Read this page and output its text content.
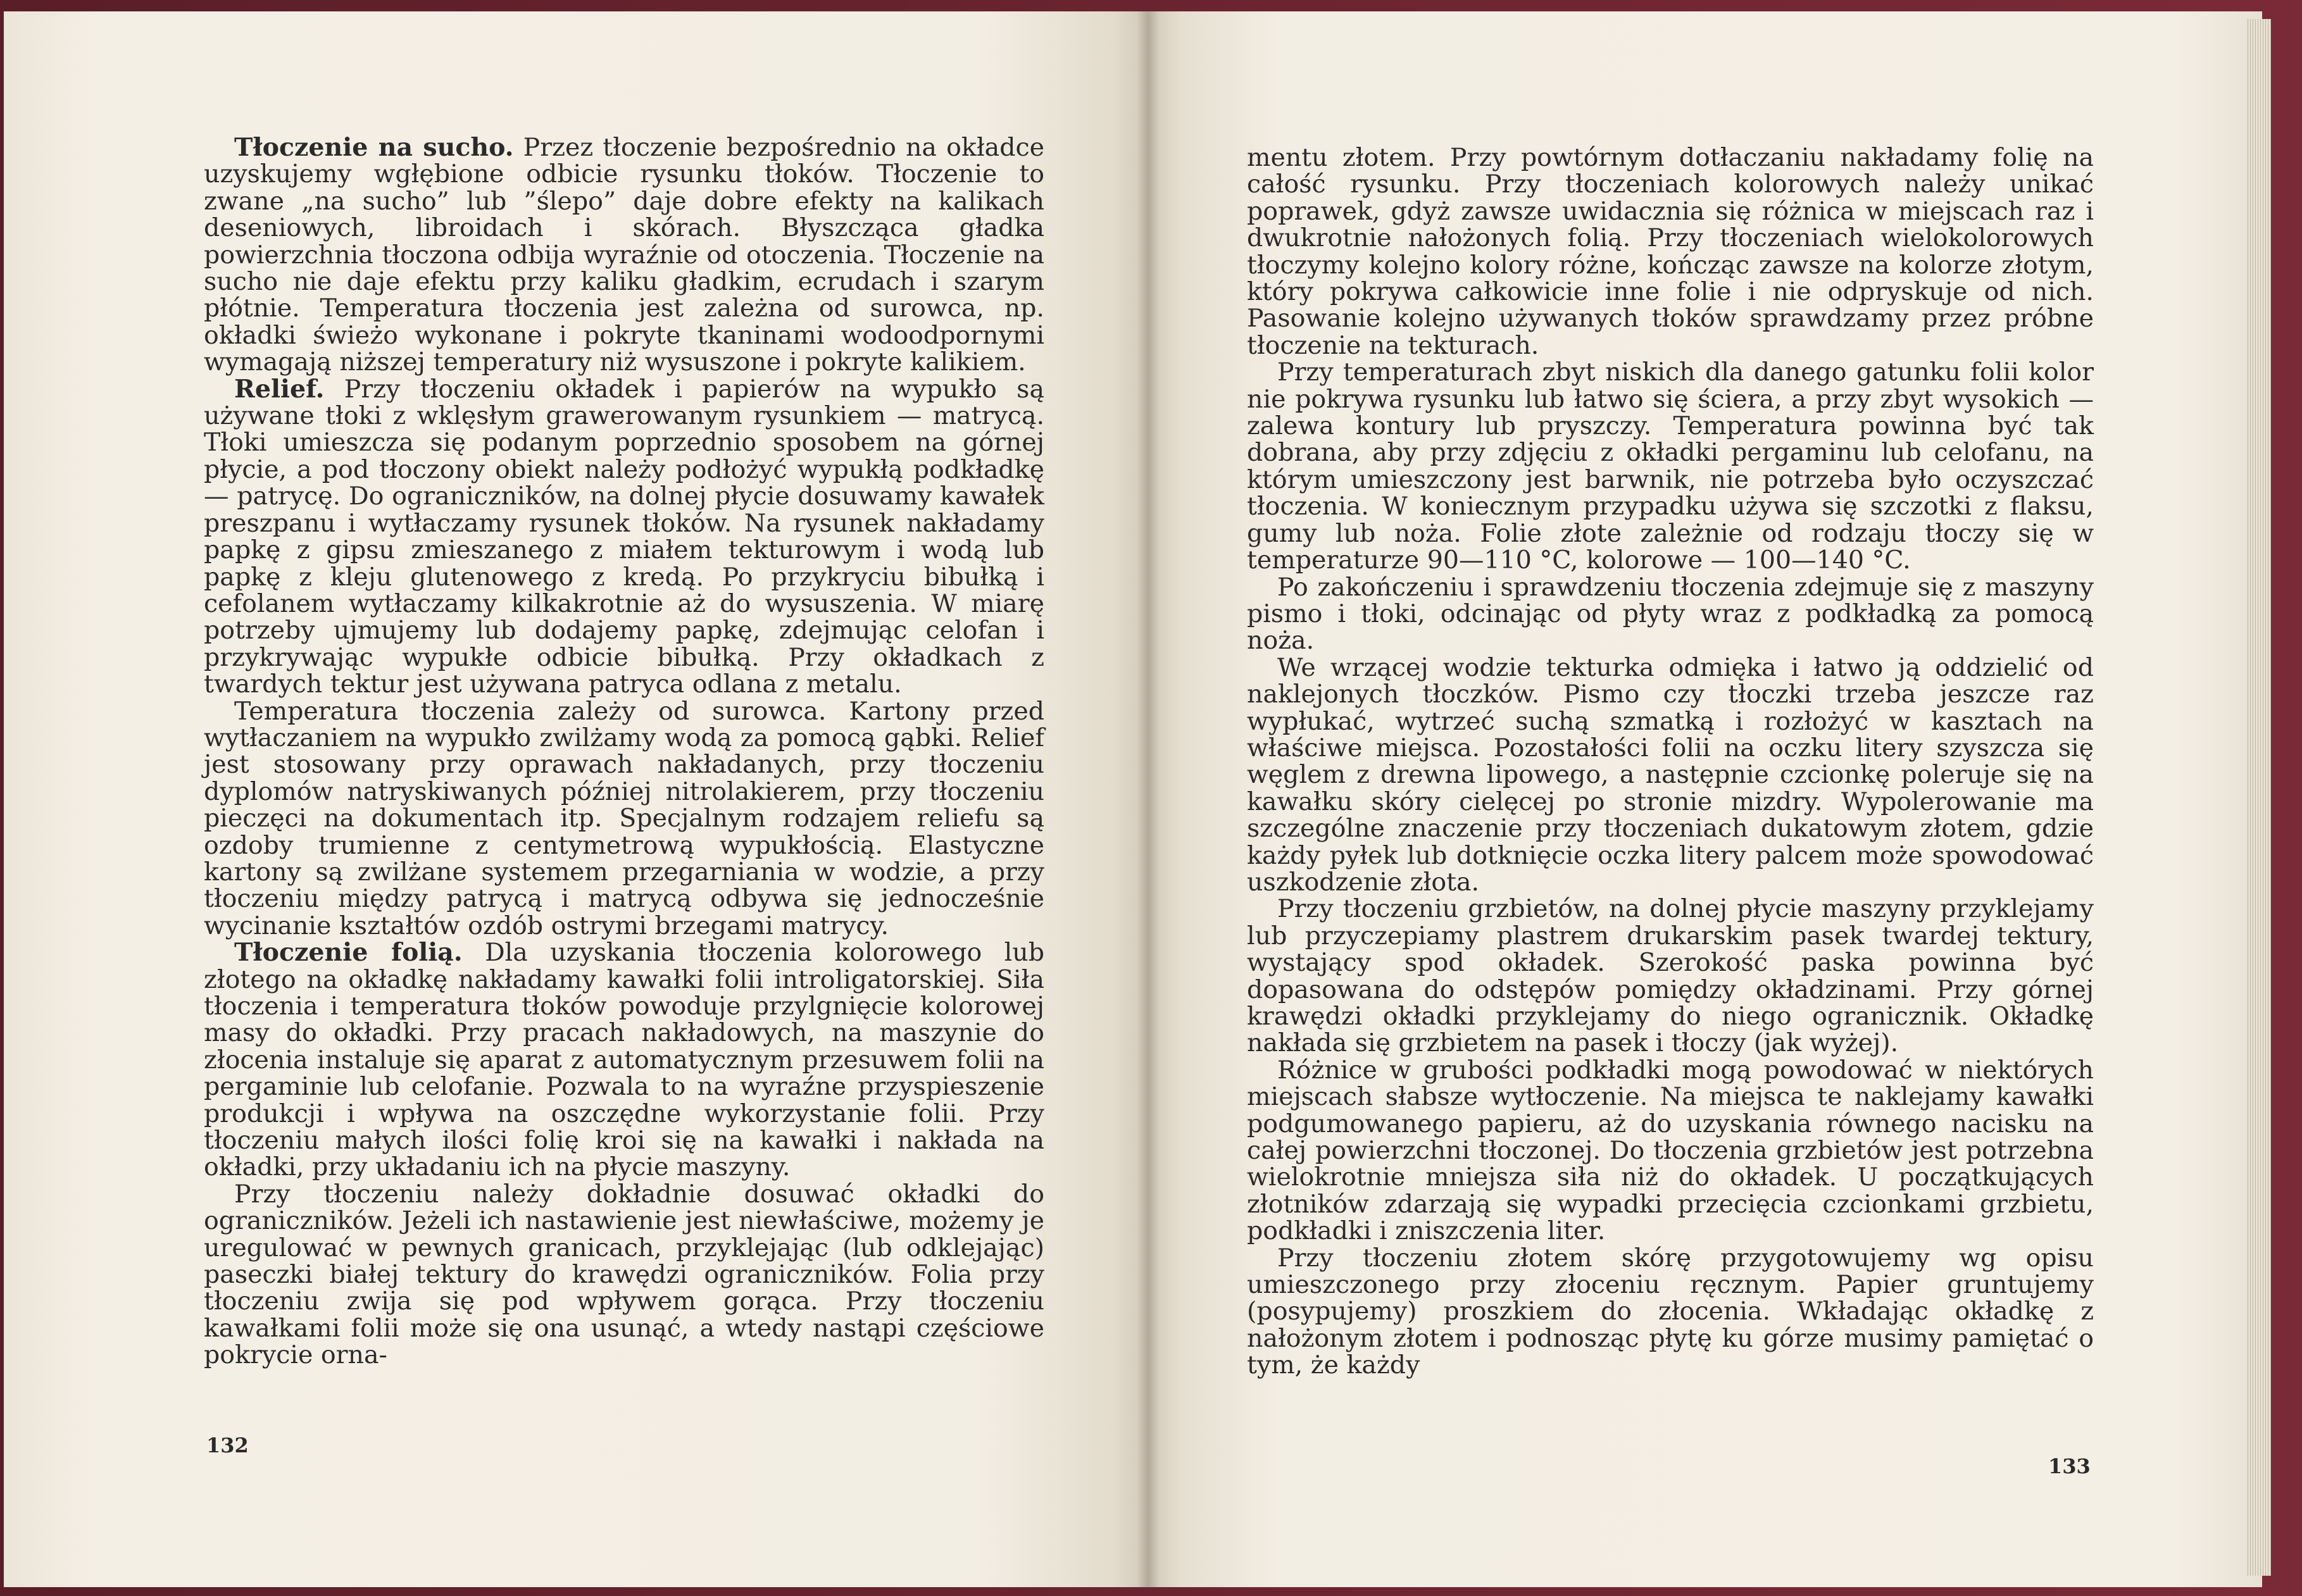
Tłoczenie na sucho. Przez tłoczenie bezpośrednio na okładce uzyskujemy wgłębione odbicie rysunku tłoków. Tłoczenie to zwane „na sucho” lub ”ślepo” daje dobre efekty na kalikach deseniowych, libroidach i skórach. Błyszcząca gładka powierzchnia tłoczona odbija wyraźnie od otoczenia. Tłoczenie na sucho nie daje efektu przy kaliku gładkim, ecrudach i szarym płótnie. Temperatura tłoczenia jest zależna od surowca, np. okładki świeżo wykonane i pokryte tkaninami wodoodpornymi wymagają niższej temperatury niż wysuszone i pokryte kalikiem.

Relief. Przy tłoczeniu okładek i papierów na wypukło są używane tłoki z wklęsłym grawerowanym rysunkiem — matrycą. Tłoki umieszcza się podanym poprzednio sposobem na górnej płycie, a pod tłoczony obiekt należy podłożyć wypukłą podkładkę — patrycę. Do ograniczników, na dolnej płycie dosuwamy kawałek preszpanu i wytłaczamy rysunek tłoków. Na rysunek nakładamy papkę z gipsu zmieszanego z miałem tekturowym i wodą lub papkę z kleju glutenowego z kredą. Po przykryciu bibułką i cefolanem wytłaczamy kilkakrotnie aż do wysuszenia. W miarę potrzeby ujmujemy lub dodajemy papkę, zdejmując celofan i przykrywając wypukłe odbicie bibułką. Przy okładkach z twardych tektur jest używana patryca odlana z metalu.

Temperatura tłoczenia zależy od surowca. Kartony przed wytłaczaniem na wypukło zwilżamy wodą za pomocą gąbki. Relief jest stosowany przy oprawach nakładanych, przy tłoczeniu dyplomów natryskiwanych później nitrolakierem, przy tłoczeniu pieczęci na dokumentach itp. Specjalnym rodzajem reliefu są ozdoby trumienne z centymetrową wypukłością. Elastyczne kartony są zwilżane systemem przegarniania w wodzie, a przy tłoczeniu między patrycą i matrycą odbywa się jednocześnie wycinanie kształtów ozdób ostrymi brzegami matrycy.

Tłoczenie folią. Dla uzyskania tłoczenia kolorowego lub złotego na okładkę nakładamy kawałki folii introligatorskiej. Siła tłoczenia i temperatura tłoków powoduje przylgnięcie kolorowej masy do okładki. Przy pracach nakładowych, na maszynie do złocenia instaluje się aparat z automatycznym przesuwem folii na pergaminie lub celofanie. Pozwala to na wyraźne przyspieszenie produkcji i wpływa na oszczędne wykorzystanie folii. Przy tłoczeniu małych ilości folię kroi się na kawałki i nakłada na okładki, przy układaniu ich na płycie maszyny.

Przy tłoczeniu należy dokładnie dosuwać okładki do ograniczników. Jeżeli ich nastawienie jest niewłaściwe, możemy je uregulować w pewnych granicach, przyklejając (lub odklejając) paseczki białej tektury do krawędzi ograniczników. Folia przy tłoczeniu zwija się pod wpływem gorąca. Przy tłoczeniu kawałkami folii może się ona usunąć, a wtedy nastąpi częściowe pokrycie orna-

132

mentu złotem. Przy powtórnym dotłaczaniu nakładamy folię na całość rysunku. Przy tłoczeniach kolorowych należy unikać poprawek, gdyż zawsze uwidacznia się różnica w miejscach raz i dwukrotnie nałożonych folią. Przy tłoczeniach wielokolorowych tłoczymy kolejno kolory różne, kończąc zawsze na kolorze złotym, który pokrywa całkowicie inne folie i nie odpryskuje od nich. Pasowanie kolejno używanych tłoków sprawdzamy przez próbne tłoczenie na tekturach.

Przy temperaturach zbyt niskich dla danego gatunku folii kolor nie pokrywa rysunku lub łatwo się ściera, a przy zbyt wysokich — zalewa kontury lub pryszczy. Temperatura powinna być tak dobrana, aby przy zdjęciu z okładki pergaminu lub celofanu, na którym umieszczony jest barwnik, nie potrzeba było oczyszczać tłoczenia. W koniecznym przypadku używa się szczotki z flaksu, gumy lub noża. Folie złote zależnie od rodzaju tłoczy się w temperaturze 90—110 °C, kolorowe — 100—140 °C.

Po zakończeniu i sprawdzeniu tłoczenia zdejmuje się z maszyny pismo i tłoki, odcinając od płyty wraz z podkładką za pomocą noża.

We wrzącej wodzie tekturka odmięka i łatwo ją oddzielić od naklejonych tłoczków. Pismo czy tłoczki trzeba jeszcze raz wypłukać, wytrzeć suchą szmatką i rozłożyć w kasztach na właściwe miejsca. Pozostałości folii na oczku litery szyszcza się węglem z drewna lipowego, a następnie czcionkę poleruje się na kawałku skóry cielęcej po stronie mizdry. Wypolerowanie ma szczególne znaczenie przy tłoczeniach dukatowym złotem, gdzie każdy pyłek lub dotknięcie oczka litery palcem może spowodować uszkodzenie złota.

Przy tłoczeniu grzbietów, na dolnej płycie maszyny przyklejamy lub przyczepiamy plastrem drukarskim pasek twardej tektury, wystający spod okładek. Szerokość paska powinna być dopasowana do odstępów pomiędzy okładzinami. Przy górnej krawędzi okładki przyklejamy do niego ogranicznik. Okładkę nakłada się grzbietem na pasek i tłoczy (jak wyżej).

Różnice w grubości podkładki mogą powodować w niektórych miejscach słabsze wytłoczenie. Na miejsca te naklejamy kawałki podgumowanego papieru, aż do uzyskania równego nacisku na całej powierzchni tłoczonej. Do tłoczenia grzbietów jest potrzebna wielokrotnie mniejsza siła niż do okładek. U początkujących złotników zdarzają się wypadki przecięcia czcionkami grzbietu, podkładki i zniszczenia liter.

Przy tłoczeniu złotem skórę przygotowujemy wg opisu umieszczonego przy złoceniu ręcznym. Papier gruntujemy (posypujemy) proszkiem do złocenia. Wkładając okładkę z nałożonym złotem i podnosząc płytę ku górze musimy pamiętać o tym, że każdy

133
